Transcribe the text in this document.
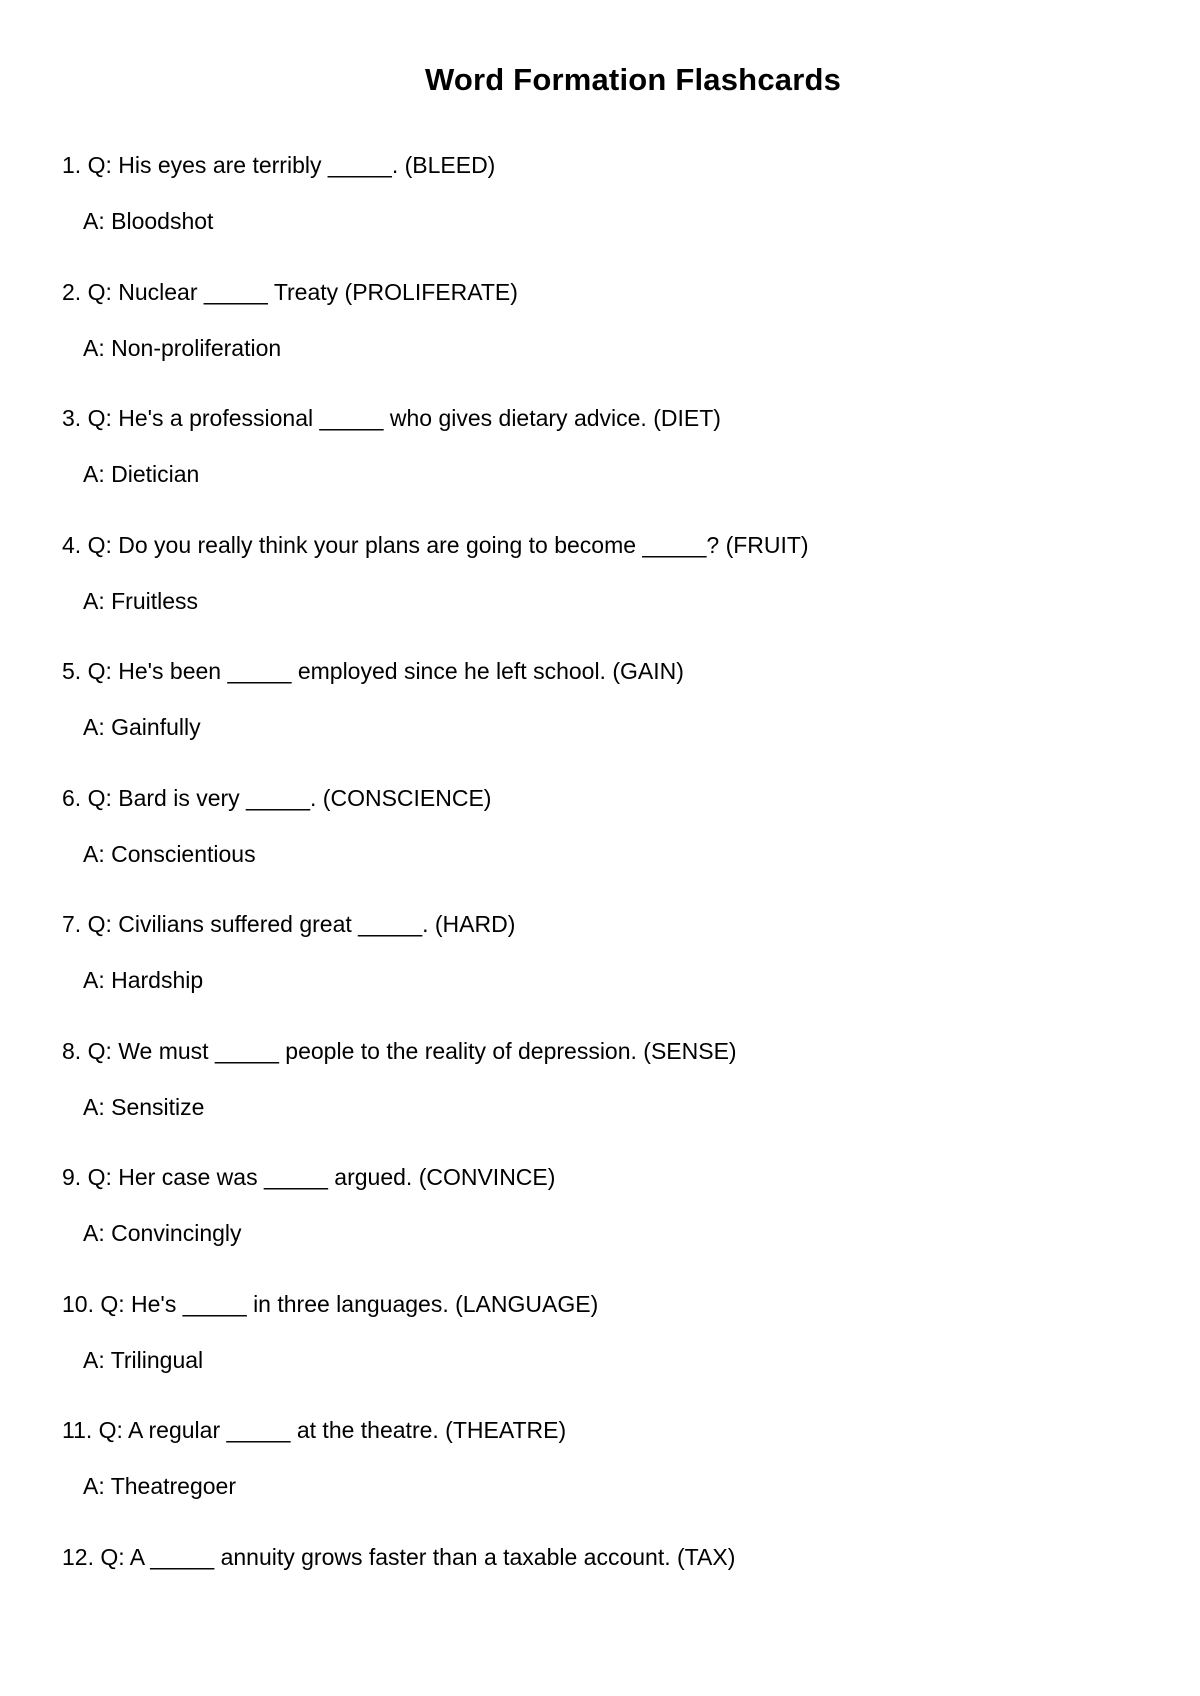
Word Formation Flashcards
1. Q: His eyes are terribly _____. (BLEED)
A: Bloodshot
2. Q: Nuclear _____ Treaty (PROLIFERATE)
A: Non-proliferation
3. Q: He's a professional _____ who gives dietary advice. (DIET)
A: Dietician
4. Q: Do you really think your plans are going to become _____? (FRUIT)
A: Fruitless
5. Q: He's been _____ employed since he left school. (GAIN)
A: Gainfully
6. Q: Bard is very _____. (CONSCIENCE)
A: Conscientious
7. Q: Civilians suffered great _____. (HARD)
A: Hardship
8. Q: We must _____ people to the reality of depression. (SENSE)
A: Sensitize
9. Q: Her case was _____ argued. (CONVINCE)
A: Convincingly
10. Q: He's _____ in three languages. (LANGUAGE)
A: Trilingual
11. Q: A regular _____ at the theatre. (THEATRE)
A: Theatregoer
12. Q: A _____ annuity grows faster than a taxable account. (TAX)
